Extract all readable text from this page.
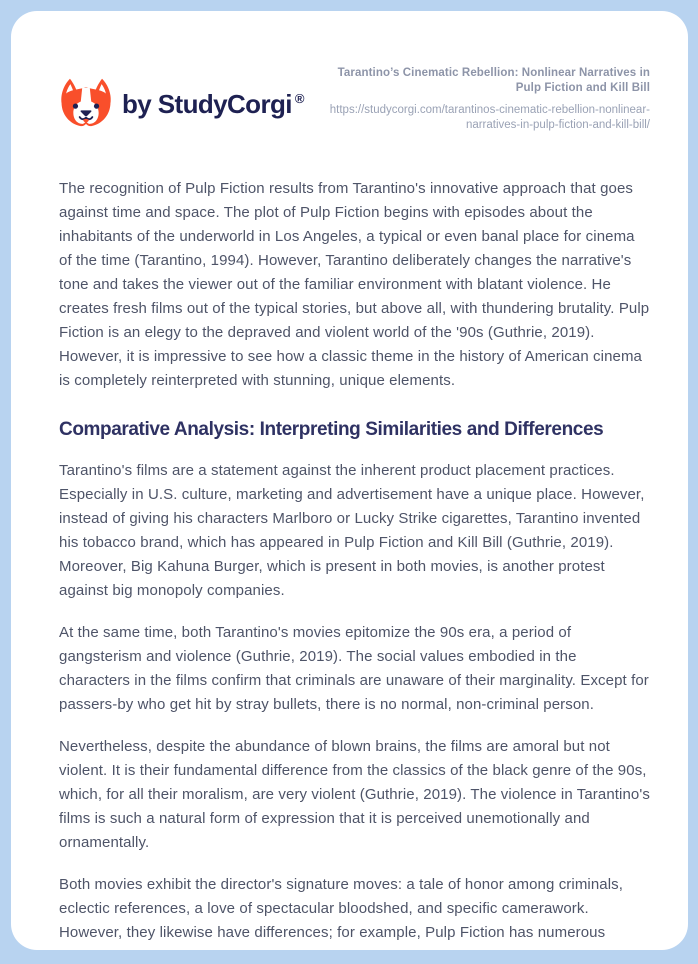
by StudyCorgi ®
Tarantino’s Cinematic Rebellion: Nonlinear Narratives in Pulp Fiction and Kill Bill
https://studycorgi.com/tarantinos-cinematic-rebellion-nonlinear-narratives-in-pulp-fiction-and-kill-bill/

The recognition of Pulp Fiction results from Tarantino's innovative approach that goes against time and space. The plot of Pulp Fiction begins with episodes about the inhabitants of the underworld in Los Angeles, a typical or even banal place for cinema of the time (Tarantino, 1994). However, Tarantino deliberately changes the narrative's tone and takes the viewer out of the familiar environment with blatant violence. He creates fresh films out of the typical stories, but above all, with thundering brutality. Pulp Fiction is an elegy to the depraved and violent world of the '90s (Guthrie, 2019). However, it is impressive to see how a classic theme in the history of American cinema is completely reinterpreted with stunning, unique elements.

Comparative Analysis: Interpreting Similarities and Differences

Tarantino's films are a statement against the inherent product placement practices. Especially in U.S. culture, marketing and advertisement have a unique place. However, instead of giving his characters Marlboro or Lucky Strike cigarettes, Tarantino invented his tobacco brand, which has appeared in Pulp Fiction and Kill Bill (Guthrie, 2019). Moreover, Big Kahuna Burger, which is present in both movies, is another protest against big monopoly companies.

At the same time, both Tarantino's movies epitomize the 90s era, a period of gangsterism and violence (Guthrie, 2019). The social values embodied in the characters in the films confirm that criminals are unaware of their marginality. Except for passers-by who get hit by stray bullets, there is no normal, non-criminal person.

Nevertheless, despite the abundance of blown brains, the films are amoral but not violent. It is their fundamental difference from the classics of the black genre of the 90s, which, for all their moralism, are very violent (Guthrie, 2019). The violence in Tarantino's films is such a natural form of expression that it is perceived unemotionally and ornamentally.

Both movies exhibit the director's signature moves: a tale of honor among criminals, eclectic references, a love of spectacular bloodshed, and specific camerawork. However, they likewise have differences; for example, Pulp Fiction has numerous
